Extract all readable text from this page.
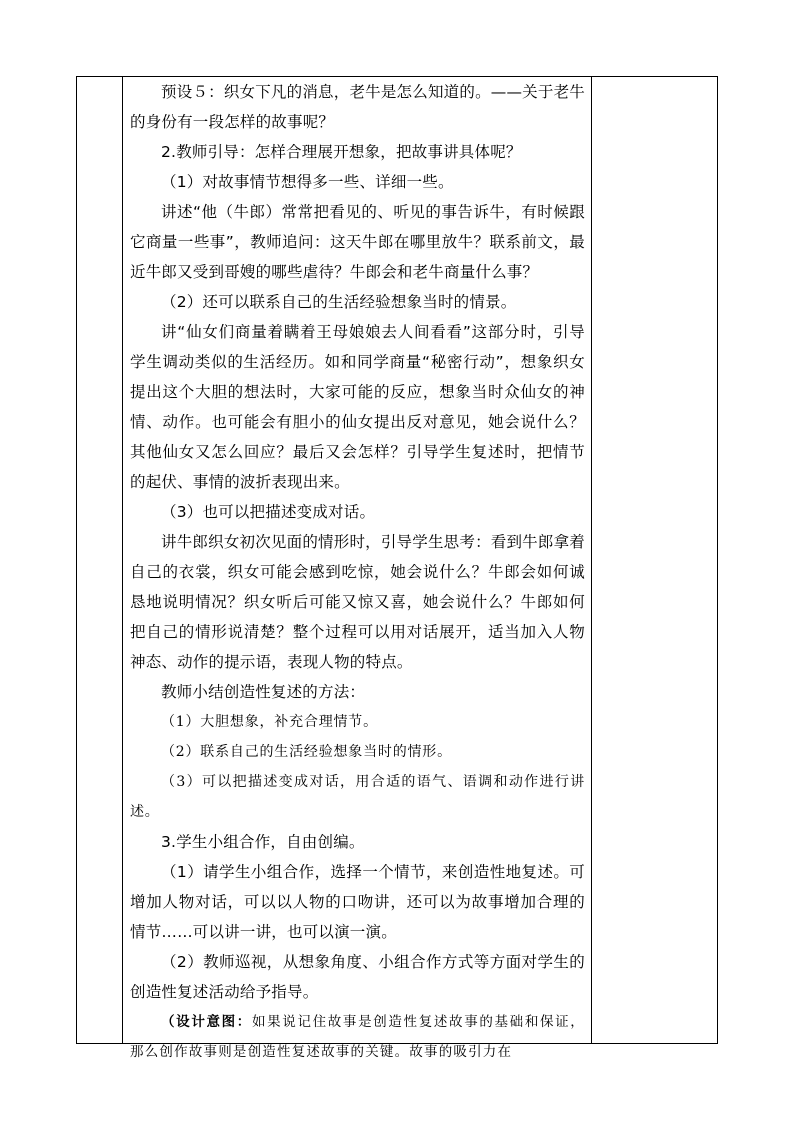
预设５：织女下凡的消息，老牛是怎么知道的。——关于老牛的身份有一段怎样的故事呢？

2.教师引导：怎样合理展开想象，把故事讲具体呢？

（1）对故事情节想得多一些、详细一些。

讲述“他（牛郎）常常把看见的、听见的事告诉牛，有时候跟它商量一些事”，教师追问：这天牛郎在哪里放牛？联系前文，最近牛郎又受到哥嫂的哪些虐待？牛郎会和老牛商量什么事？

（2）还可以联系自己的生活经验想象当时的情景。

讲“仙女们商量着瞒着王母娘娘去人间看看”这部分时，引导学生调动类似的生活经历。如和同学商量“秘密行动”，想象织女提出这个大胆的想法时，大家可能的反应，想象当时众仙女的神情、动作。也可能会有胆小的仙女提出反对意见，她会说什么？其他仙女又怎么回应？最后又会怎样？引导学生复述时，把情节的起伏、事情的波折表现出来。

（3）也可以把描述变成对话。

讲牛郎织女初次见面的情形时，引导学生思考：看到牛郎拿着自己的衣裳，织女可能会感到吃惊，她会说什么？牛郎会如何诚恳地说明情况？织女听后可能又惊又喜，她会说什么？牛郎如何把自己的情形说清楚？整个过程可以用对话展开，适当加入人物神态、动作的提示语，表现人物的特点。

教师小结创造性复述的方法：

（1）大胆想象，补充合理情节。

（2）联系自己的生活经验想象当时的情形。

（3）可以把描述变成对话，用合适的语气、语调和动作进行讲述。

3.学生小组合作，自由创编。

（1）请学生小组合作，选择一个情节，来创造性地复述。可增加人物对话，可以以人物的口吻讲，还可以为故事增加合理的情节……可以讲一讲，也可以演一演。

（2）教师巡视，从想象角度、小组合作方式等方面对学生的创造性复述活动给予指导。

（设计意图：如果说记住故事是创造性复述故事的基础和保证，那么创作故事则是创造性复述故事的关键。故事的吸引力在
